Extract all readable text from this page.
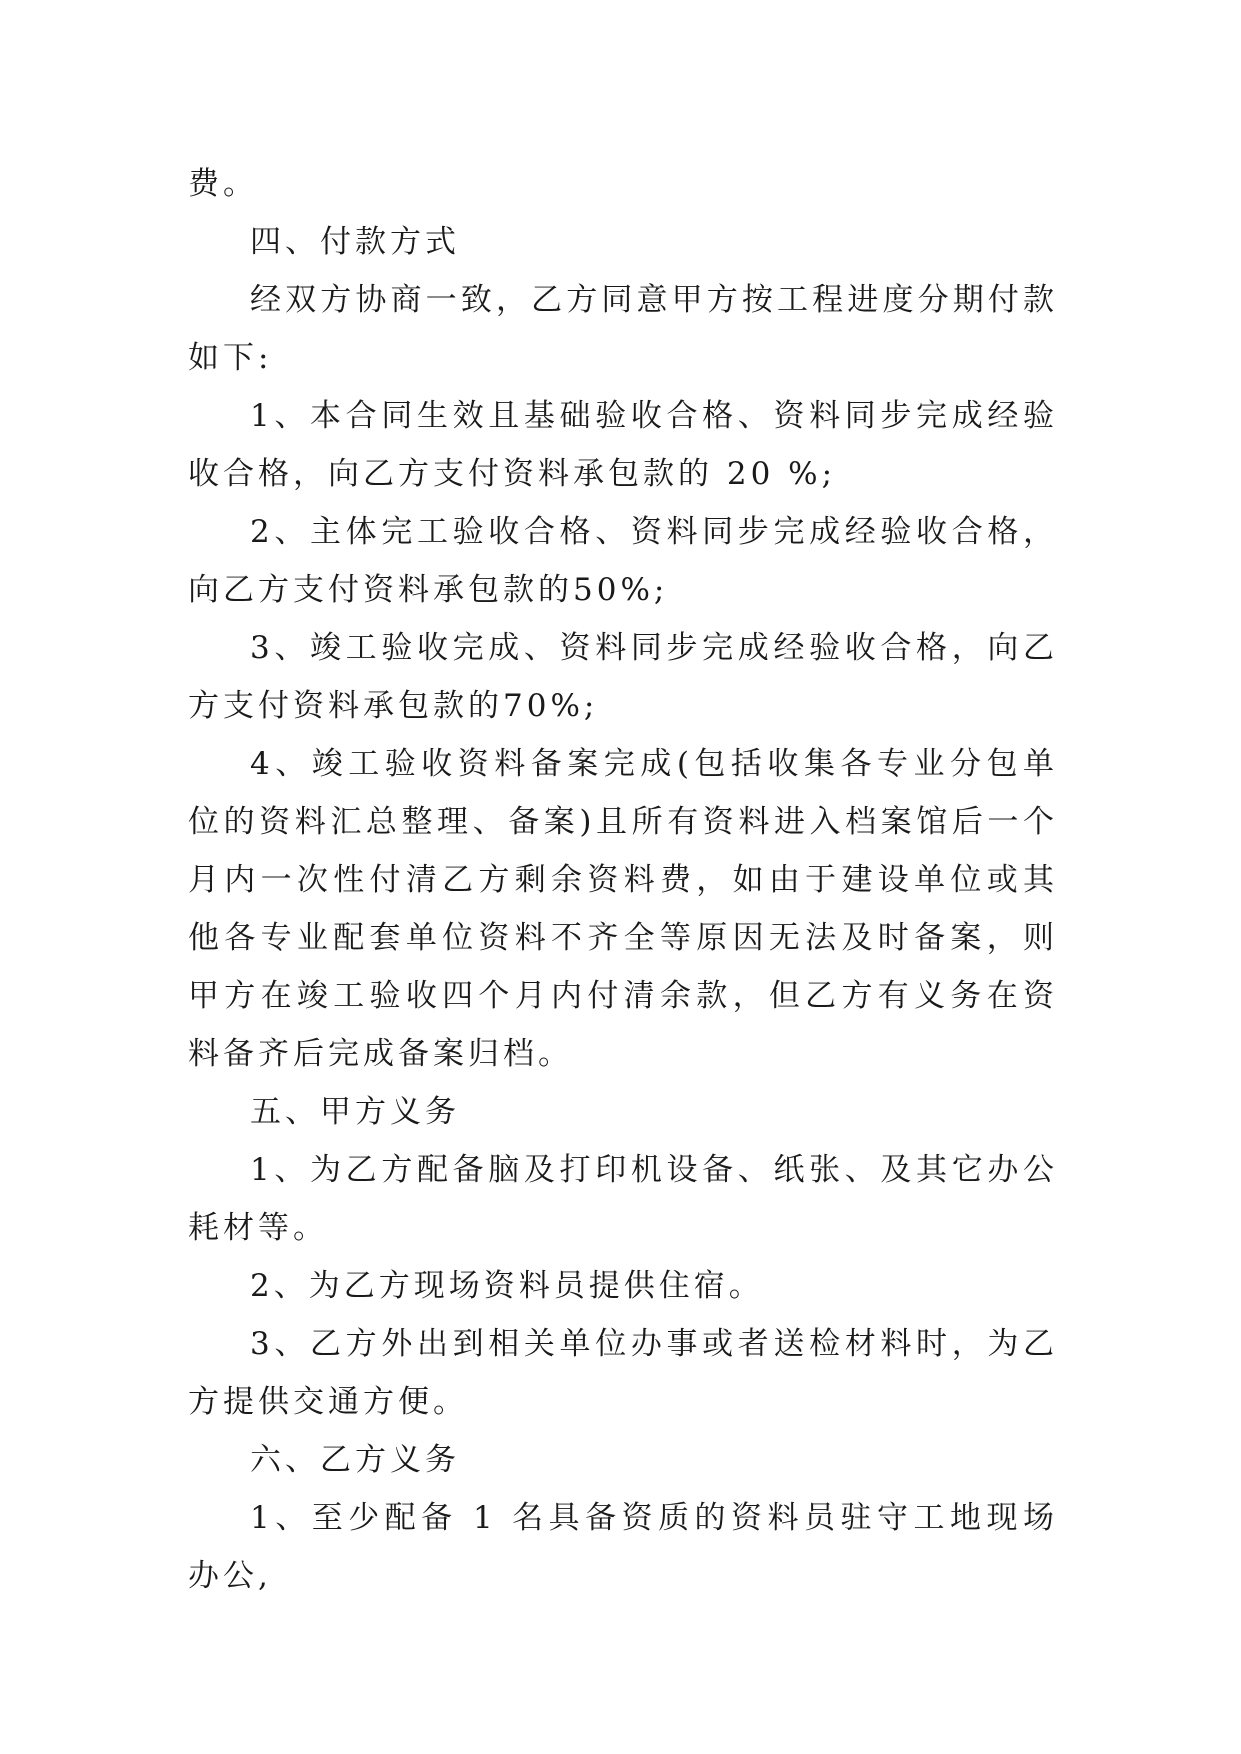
费。

四、付款方式

经双方协商一致，乙方同意甲方按工程进度分期付款如下:

1、本合同生效且基础验收合格、资料同步完成经验收合格，向乙方支付资料承包款的 20 %;

2、主体完工验收合格、资料同步完成经验收合格，向乙方支付资料承包款的50%;

3、竣工验收完成、资料同步完成经验收合格，向乙方支付资料承包款的70%;

4、竣工验收资料备案完成(包括收集各专业分包单位的资料汇总整理、备案)且所有资料进入档案馆后一个月内一次性付清乙方剩余资料费，如由于建设单位或其他各专业配套单位资料不齐全等原因无法及时备案，则甲方在竣工验收四个月内付清余款，但乙方有义务在资料备齐后完成备案归档。

五、甲方义务

1、为乙方配备脑及打印机设备、纸张、及其它办公耗材等。

2、为乙方现场资料员提供住宿。

3、乙方外出到相关单位办事或者送检材料时，为乙方提供交通方便。

六、乙方义务

1、至少配备 1 名具备资质的资料员驻守工地现场办公,
